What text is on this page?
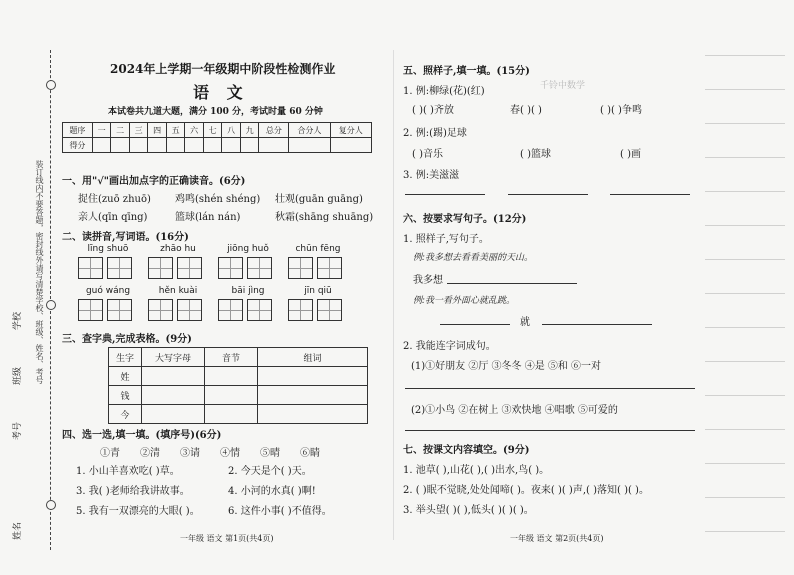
装订线内不要答题，密封线外请写清楚学校、班级、姓名、考号
姓名
考号
班级
学校
2024年上学期一年级期中阶段性检测作业
语 文
本试卷共九道大题，满分 100 分，考试时量 60 分钟
题序	一	二	三	四	五	六	七	八	九	总分	合分人	复分人
得分												
一、用"√"画出加点字的正确读音。(6分)
捉住(zuō zhuō) 鸡鸣(shén shéng) 壮观(guān guāng)
亲人(qīn qīng)	篮球(lán nán)	秋霜(shāng shuāng)
二、读拼音,写词语。(16分)
līng shuō	zhāo hu	jiōng huǒ	chūn fēng
guó wáng	hěn kuài	bāi jìng	jīn qiū
三、查字典,完成表格。(9分)
生字	大写字母	音节	组词
姓			
钱			
今			
四、选一选,填一填。(填序号)(6分)
①青 ②清 ③请 ④情 ⑤晴 ⑥睛
1. 小山羊喜欢吃( )草。	2. 今天是个( )天。
3. 我( )老师给我讲故事。	4. 小河的水真( )啊!
5. 我有一双漂亮的大眼( )。	6. 这件小事( )不值得。
一年级 语文 第1页(共4页)
千铃中数学
五、照样子,填一填。(15分)
1. 例:柳绿(花)(红)
( )( )齐放	春( )( )	( )( )争鸣
2. 例:(踢)足球
( )音乐	( )篮球	( )画
3. 例:美滋滋
六、按要求写句子。(12分)
1. 照样子,写句子。
例:我多想去看看美丽的天山。
我多想
例:我一看外面心就乱跳。
就
2. 我能连字词成句。
(1)①好朋友 ②厅 ③冬冬 ④是 ⑤和 ⑥一对
(2)①小鸟 ②在树上 ③欢快地 ④唱歌 ⑤可爱的
七、按课文内容填空。(9分)
1. 池草( ),山花( ),( )出水,鸟( )。
2. ( )眠不觉晓,处处闻啼( )。夜来( )( )声,( )落知( )( )。
3. 举头望( )( ),低头( )( )( )。
一年级 语文 第2页(共4页)
